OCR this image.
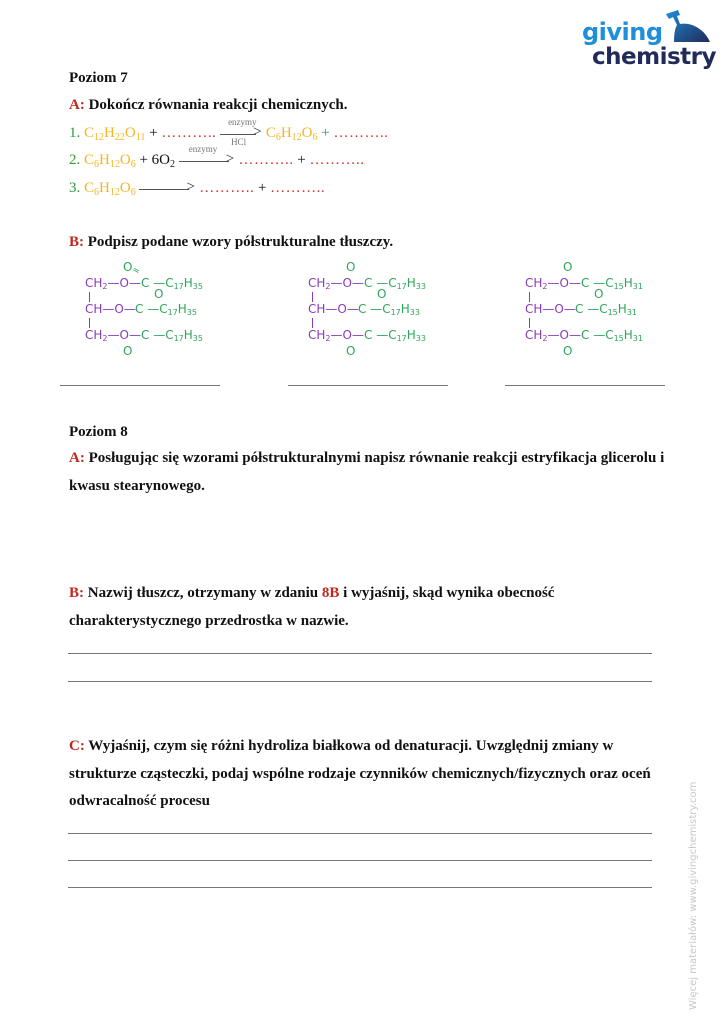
giving
chemistry
Poziom 7
A: Dokończ równania reakcji chemicznych.
1. $C_{12}H_{22}O_{11}$ + ………..
enzymy
HCl
> $C_6H_{12}O_6$ + ………..
2. $C_6H_{12}O_6 + 6O_2$
enzymy
> ……….. + ………..
3. $C_6H_{12}O_6$	> ……….. + ………..
B: Podpisz podane wzory półstrukturalne tłuszczy.
O
=
$CH_2—O—$ C $—C_{17}H_{35}$
CH—O— C $—C_{17}H_{35}$
O
$CH_2—O—$ C $—C_{17}H_{35}$
O
O
$CH_2—O—$ C $—C_{17}H_{33}$
CH—O— C $—C_{17}H_{33}$
O
$CH_2—O—$ C $—C_{17}H_{33}$
O
O
$CH_2—O—$ C $—C_{15}H_{31}$
CH—O— C $—C_{15}H_{31}$
O
$CH_2—O—$ C $—C_{15}H_{31}$
O
Poziom 8
A: Posługując się wzorami półstrukturalnymi napisz równanie reakcji estryfikacja glicerolu i
kwasu stearynowego.
B: Nazwij tłuszcz, otrzymany w zdaniu 8B i wyjaśnij, skąd wynika obecność
charakterystycznego przedrostka w nazwie.
C: Wyjaśnij, czym się różni hydroliza białkowa od denaturacji. Uwzględnij zmiany w
strukturze cząsteczki, podaj wspólne rodzaje czynników chemicznych/fizycznych oraz oceń
odwracalność procesu	Więcej materiałów: www.givingchemistry.com
